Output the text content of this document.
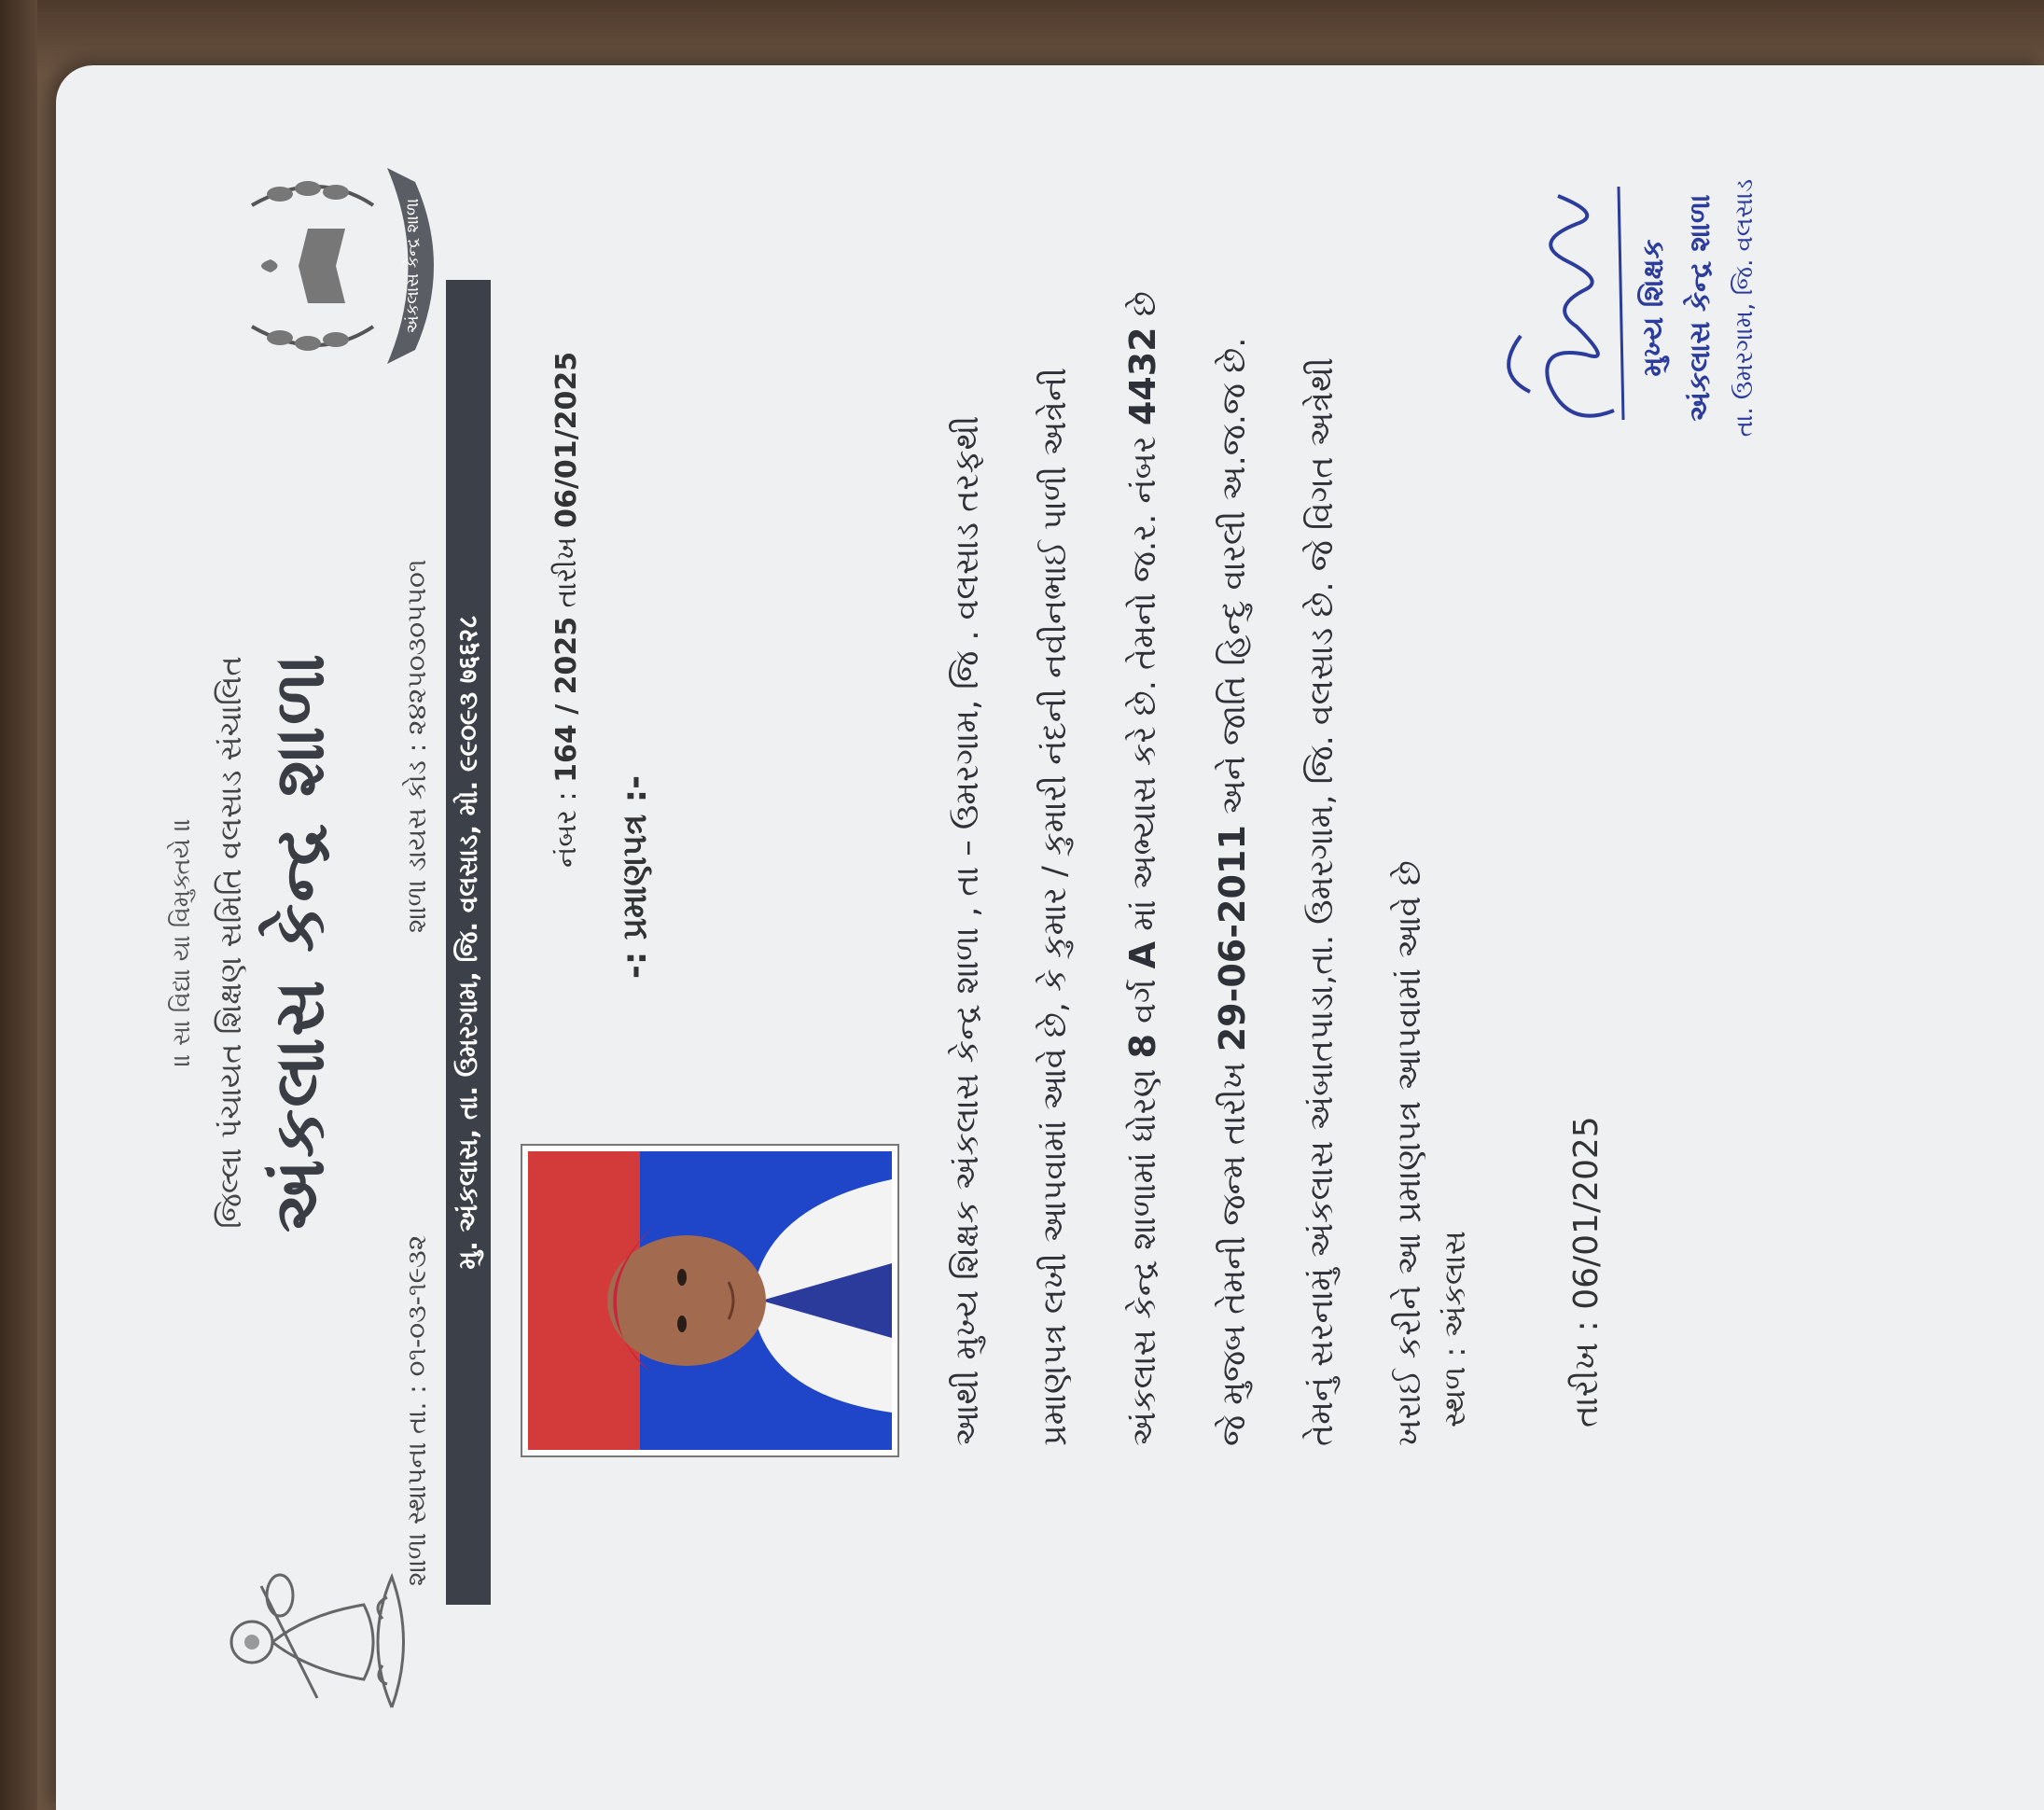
॥ સા વિદ્યા યા વિમુક્તયે ॥ જિલ્લા પંચાયત શિક્ષણ સમિતિ વલસાડ સંચાલિત અંકલાસ કેન્દ્ર શાળા
શાળા સ્થાપના તા. : ૦૧-૦૩-૧૯૩૨
શાળા ડાયસ કોડ : ૨૪૨૫૦૩૦૫૫૦૧
અંકલાસ કેન્દ્ર શાળા
મુ. અંકલાસ, તા. ઉમરગામ, જિ. વલસાડ, મો. ૯૯૦૯૩ ७६६२८ નંબર : 164 / 2025 તારીખ 06/01/2025
-: પ્રમાણપત્ર :-	આથી મુખ્ય શિક્ષક અંકલાસ કેન્દ્ર શાળા , તા – ઉમરગામ, જિ . વલસાડ તરફથી	પ્રમાણપત્ર લખી આપવામાં આવે છે, કે કુમાર / કુમારી નંદની નવીનભાઈ પાળી અત્રેની	અંકલાસ કેન્દ્ર શાળામાં ધોરણ 8 વર્ગ A માં અભ્યાસ કરે છે. તેમનો જ.ર. નંબર 4432 છે
જે મુજબ તેમની જન્મ તારીખ 29-06-2011 અને જાતિ હિન્દુ વારલી અ.જ.જ છે.	તેમનું સરનામું અંકલાસ અંબાતપાડા,તા. ઉમરગામ, જિ. વલસાડ છે. જે વિગત અત્રેથી	ખરાઈ કરીને આ પ્રમાણપત્ર આપવામાં આવે છે સ્થળ : અંકલાસ	તારીખ : 06/01/2025
મુખ્ય શિક્ષક અંકલાસ કેન્દ્ર શાળા તા. ઉમરગામ, જિ. વલસાડ
